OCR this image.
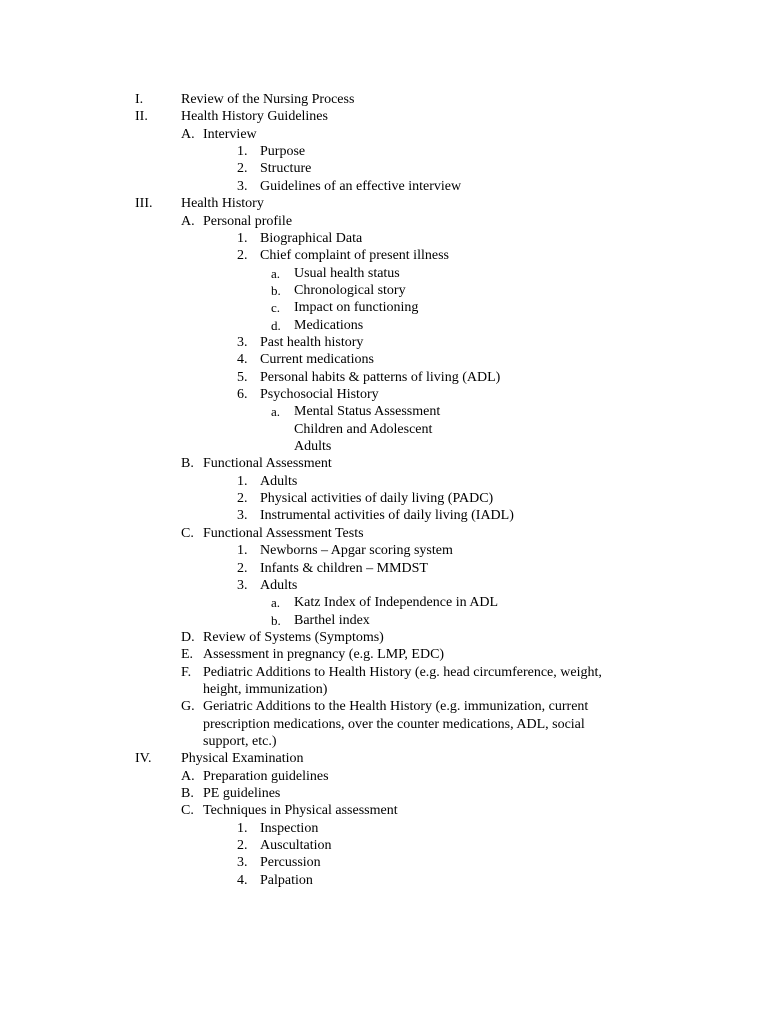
I.	Review of the Nursing Process
II. Health History Guidelines
A. Interview
1. Purpose
2. Structure
3. Guidelines of an effective interview
III. Health History
A. Personal profile
1. Biographical Data
2. Chief complaint of present illness
a. Usual health status
b. Chronological story
c. Impact on functioning
d. Medications
3. Past health history
4. Current medications
5. Personal habits & patterns of living (ADL)
6. Psychosocial History
a. Mental Status Assessment
Children and Adolescent
Adults
B. Functional Assessment
1. Adults
2. Physical activities of daily living (PADC)
3. Instrumental activities of daily living (IADL)
C. Functional Assessment Tests
1. Newborns – Apgar scoring system
2. Infants & children – MMDST
3. Adults
a. Katz Index of Independence in ADL
b. Barthel index
D. Review of Systems (Symptoms)
E. Assessment in pregnancy (e.g. LMP, EDC)
F. Pediatric Additions to Health History (e.g. head circumference, weight,
height, immunization)
G. Geriatric Additions to the Health History (e.g. immunization, current
prescription medications, over the counter medications, ADL, social
support, etc.)
IV. Physical Examination
A. Preparation guidelines
B. PE guidelines
C. Techniques in Physical assessment
1. Inspection
2. Auscultation
3. Percussion
4. Palpation
